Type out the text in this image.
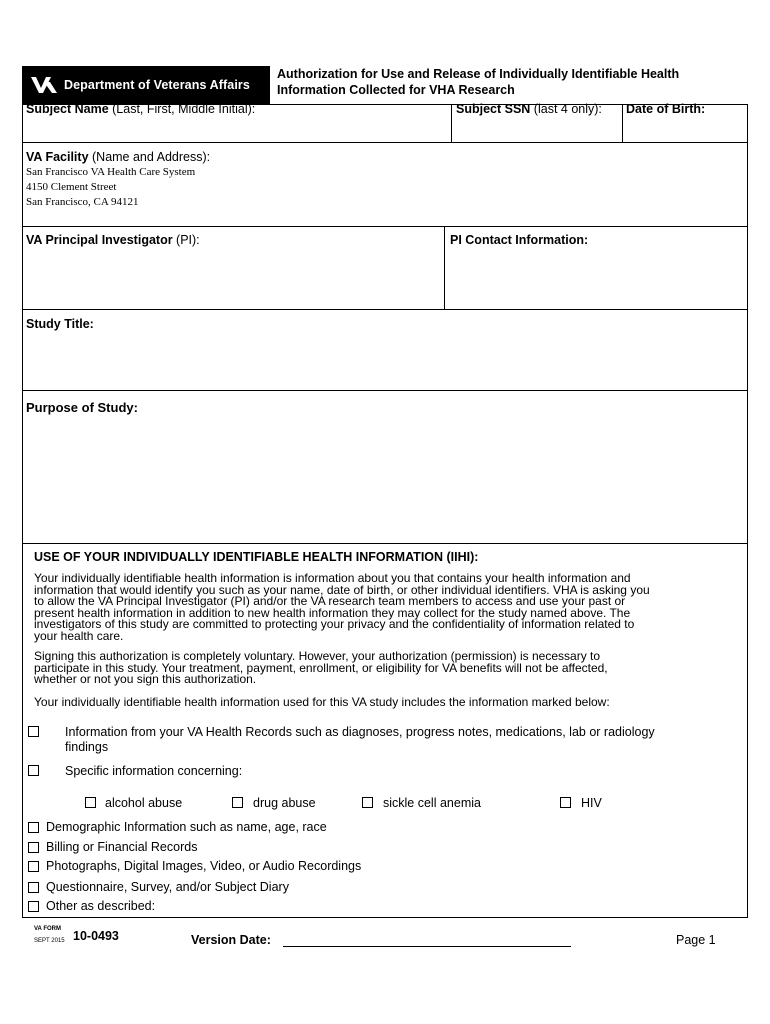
Department of Veterans Affairs
Authorization for Use and Release of Individually Identifiable Health
Information Collected for VHA Research
Subject Name (Last, First, Middle Initial):	Subject SSN (last 4 only): Date of Birth:
VA Facility (Name and Address):
San Francisco VA Health Care System
4150 Clement Street
San Francisco, CA 94121
VA Principal Investigator (PI):	PI Contact Information:
Study Title:
Purpose of Study:
USE OF YOUR INDIVIDUALLY IDENTIFIABLE HEALTH INFORMATION (IIHI):
Your individually identifiable health information is information about you that contains your health information and
information that would identify you such as your name, date of birth, or other individual identifiers. VHA is asking you
to allow the VA Principal Investigator (PI) and/or the VA research team members to access and use your past or
present health information in addition to new health information they may collect for the study named above. The
investigators of this study are committed to protecting your privacy and the confidentiality of information related to
your health care.
Signing this authorization is completely voluntary. However, your authorization (permission) is necessary to
participate in this study. Your treatment, payment, enrollment, or eligibility for VA benefits will not be affected,
whether or not you sign this authorization.
Your individually identifiable health information used for this VA study includes the information marked below:
Information from your VA Health Records such as diagnoses, progress notes, medications, lab or radiology
findings
Specific information concerning:
alcohol abuse	drug abuse	sickle cell anemia	HIV
Demographic Information such as name, age, race
Billing or Financial Records
Photographs, Digital Images, Video, or Audio Recordings
Questionnaire, Survey, and/or Subject Diary
Other as described:
VA FORM
SEPT 2015 10-0493	Version Date:	Page 1
